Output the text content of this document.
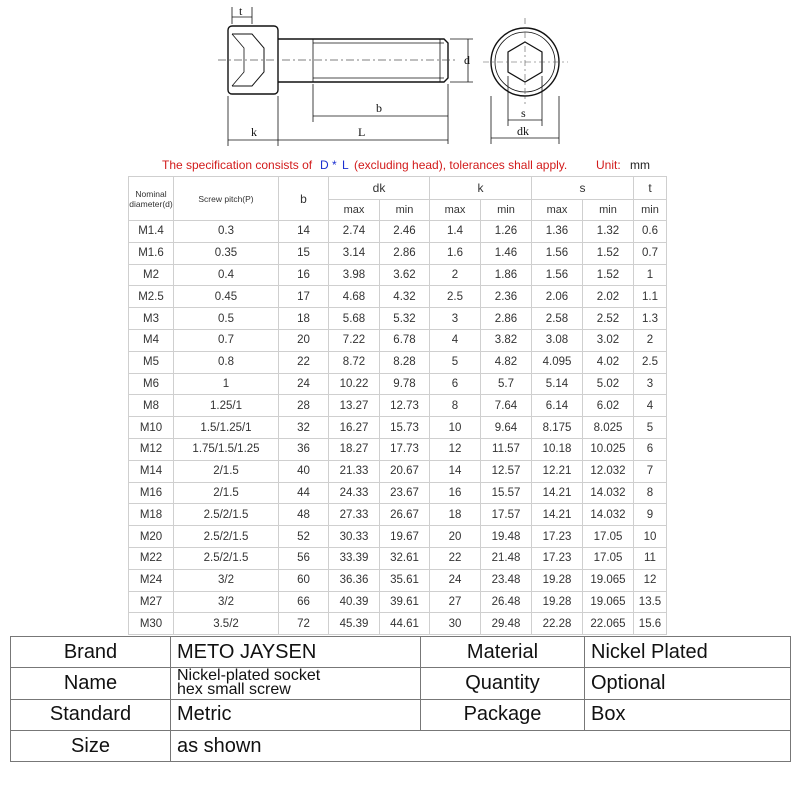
t
d
b
k	L
s
dk
The specification consists of D * L (excluding head), tolerances shall apply. Unit: mm
Nominal diameter(d)	Screw pitch(P)	b	dk		k		s		t
			max	min	max	min	max	min	min
M1.4	0.3	14	2.74	2.46	1.4	1.26	1.36	1.32	0.6
M1.6	0.35	15	3.14	2.86	1.6	1.46	1.56	1.52	0.7
M2	0.4	16	3.98	3.62	2	1.86	1.56	1.52	1
M2.5	0.45	17	4.68	4.32	2.5	2.36	2.06	2.02	1.1
M3	0.5	18	5.68	5.32	3	2.86	2.58	2.52	1.3
M4	0.7	20	7.22	6.78	4	3.82	3.08	3.02	2
M5	0.8	22	8.72	8.28	5	4.82	4.095	4.02	2.5
M6	1	24	10.22	9.78	6	5.7	5.14	5.02	3
M8	1.25/1	28	13.27	12.73	8	7.64	6.14	6.02	4
M10	1.5/1.25/1	32	16.27	15.73	10	9.64	8.175	8.025	5
M12	1.75/1.5/1.25	36	18.27	17.73	12	11.57	10.18	10.025	6
M14	2/1.5	40	21.33	20.67	14	12.57	12.21	12.032	7
M16	2/1.5	44	24.33	23.67	16	15.57	14.21	14.032	8
M18	2.5/2/1.5	48	27.33	26.67	18	17.57	14.21	14.032	9
M20	2.5/2/1.5	52	30.33	19.67	20	19.48	17.23	17.05	10
M22	2.5/2/1.5	56	33.39	32.61	22	21.48	17.23	17.05	11
M24	3/2	60	36.36	35.61	24	23.48	19.28	19.065	12
M27	3/2	66	40.39	39.61	27	26.48	19.28	19.065	13.5
M30	3.5/2	72	45.39	44.61	30	29.48	22.28	22.065	15.6
Brand	METO JAYSEN	Material	Nickel Plated
Name	Nickel-plated socket
hex small screw	Quantity	Optional
Standard	Metric	Package	Box
Size	as shown		
